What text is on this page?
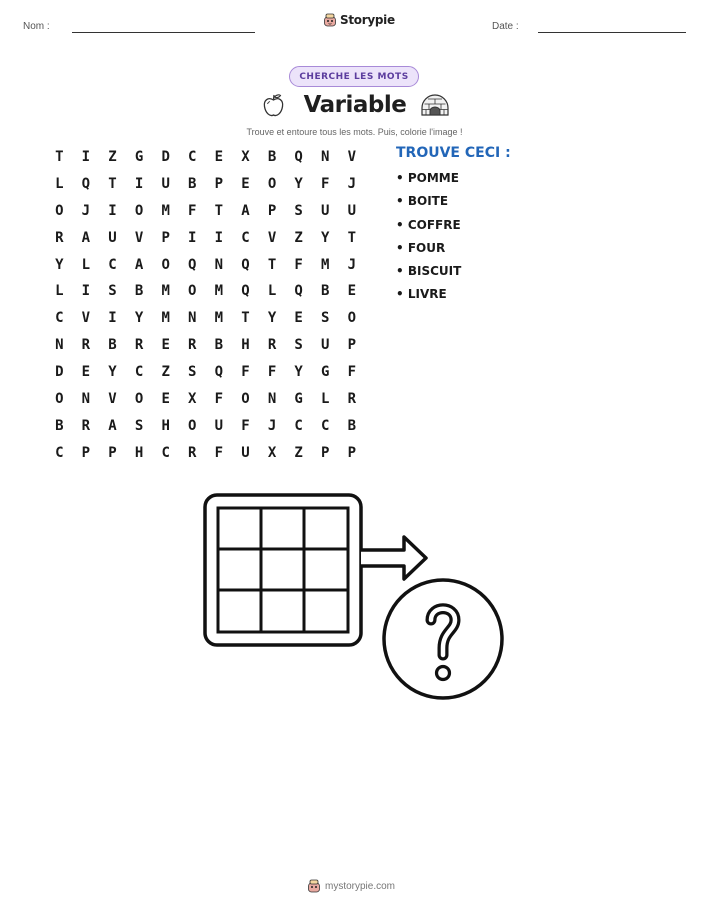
Nom :	Date :
Storypie
CHERCHE LES MOTS
Variable
Trouve et entoure tous les mots. Puis, colorie l'image !
T	I	Z	G	D	C	E	X	B	Q	N	V
L	Q	T	I	U	B	P	E	O	Y	F	J
O	J	I	O	M	F	T	A	P	S	U	U
R	A	U	V	P	I	I	C	V	Z	Y	T
Y	L	C	A	O	Q	N	Q	T	F	M	J
L	I	S	B	M	O	M	Q	L	Q	B	E
C	V	I	Y	M	N	M	T	Y	E	S	O
N	R	B	R	E	R	B	H	R	S	U	P
D	E	Y	C	Z	S	Q	F	F	Y	G	F
O	N	V	O	E	X	F	O	N	G	L	R
B	R	A	S	H	O	U	F	J	C	C	B
C	P	P	H	C	R	F	U	X	Z	P	P
TROUVE CECI :
• POMME
• BOITE
• COFFRE
• FOUR
• BISCUIT
• LIVRE
mystorypie.com
